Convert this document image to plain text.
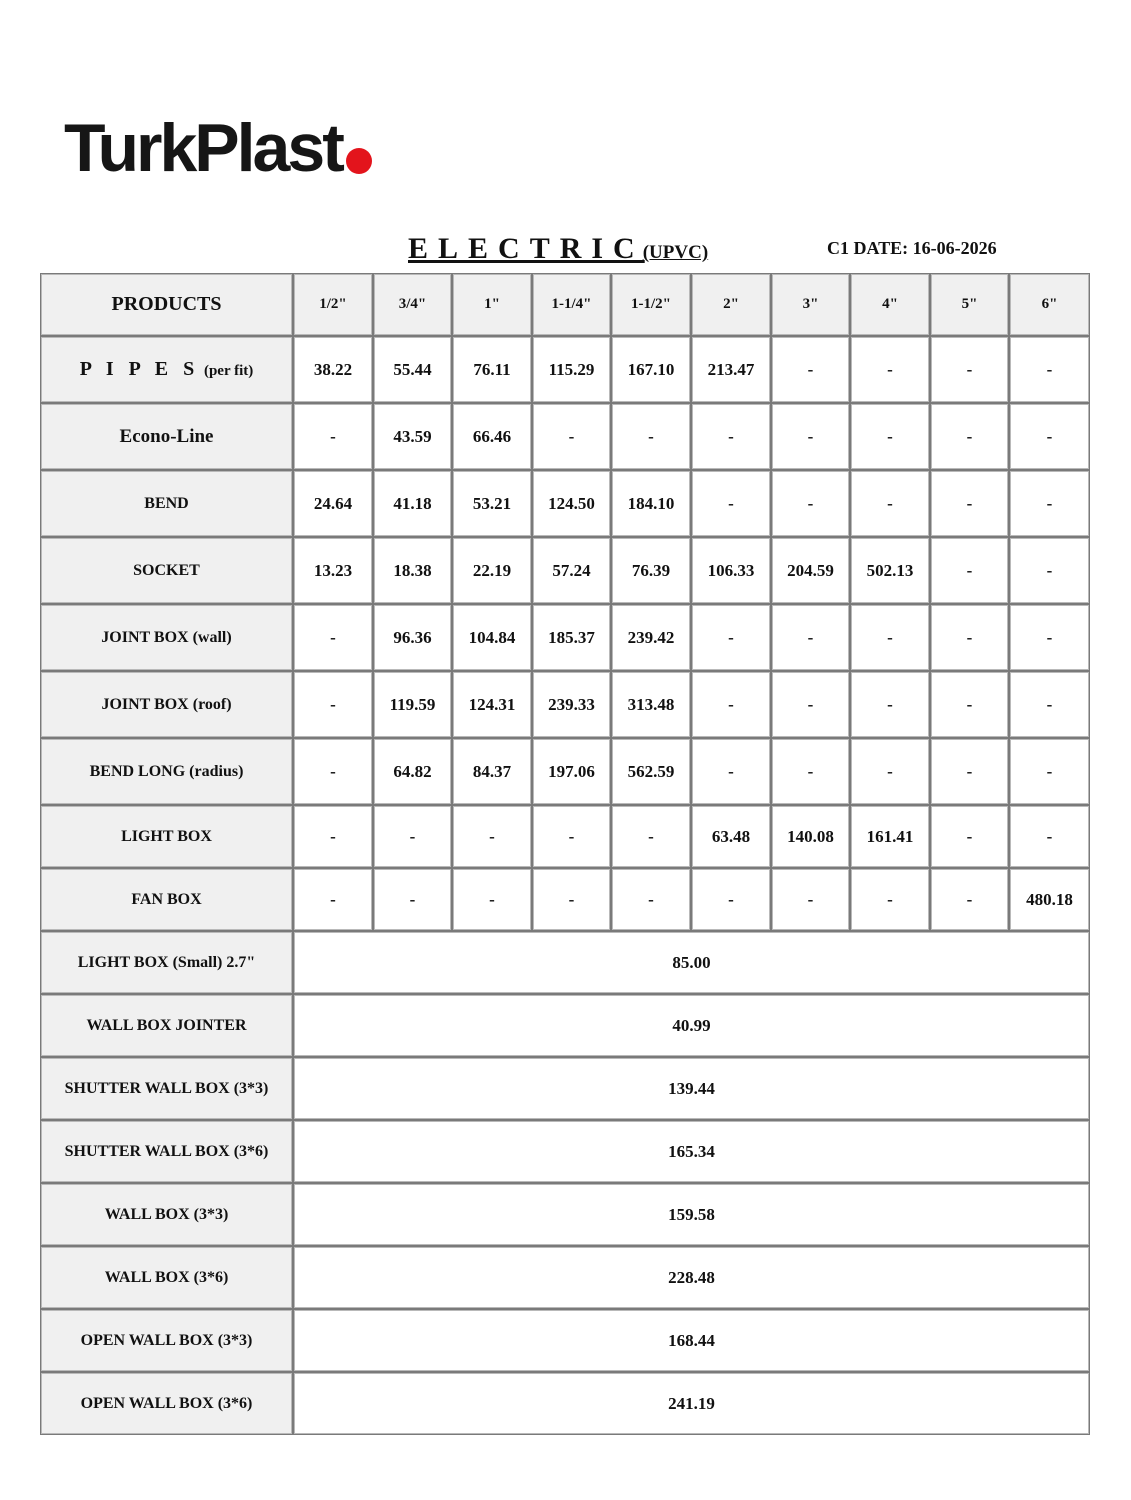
TurkPlast
ELECTRIC (UPVC)	C1 DATE: 16-06-2026
PRODUCTS	1/2"	3/4"	1"	1-1/4"	1-1/2"	2"	3"	4"	5"	6"
P I P E S (per fit)	38.22	55.44	76.11	115.29	167.10	213.47	-	-	-	-
Econo-Line	-	43.59	66.46	-	-	-	-	-	-	-
BEND	24.64	41.18	53.21	124.50	184.10	-	-	-	-	-
SOCKET	13.23	18.38	22.19	57.24	76.39	106.33	204.59	502.13	-	-
JOINT BOX (wall)	-	96.36	104.84	185.37	239.42	-	-	-	-	-
JOINT BOX (roof)	-	119.59	124.31	239.33	313.48	-	-	-	-	-
BEND LONG (radius)	-	64.82	84.37	197.06	562.59	-	-	-	-	-
LIGHT BOX	-	-	-	-	-	63.48	140.08	161.41	-	-
FAN BOX	-	-	-	-	-	-	-	-	-	480.18
LIGHT BOX (Small) 2.7"	85.00									
WALL BOX JOINTER	40.99									
SHUTTER WALL BOX (3*3)	139.44									
SHUTTER WALL BOX (3*6)	165.34									
WALL BOX (3*3)	159.58									
WALL BOX (3*6)	228.48									
OPEN WALL BOX (3*3)	168.44									
OPEN WALL BOX (3*6)	241.19									
